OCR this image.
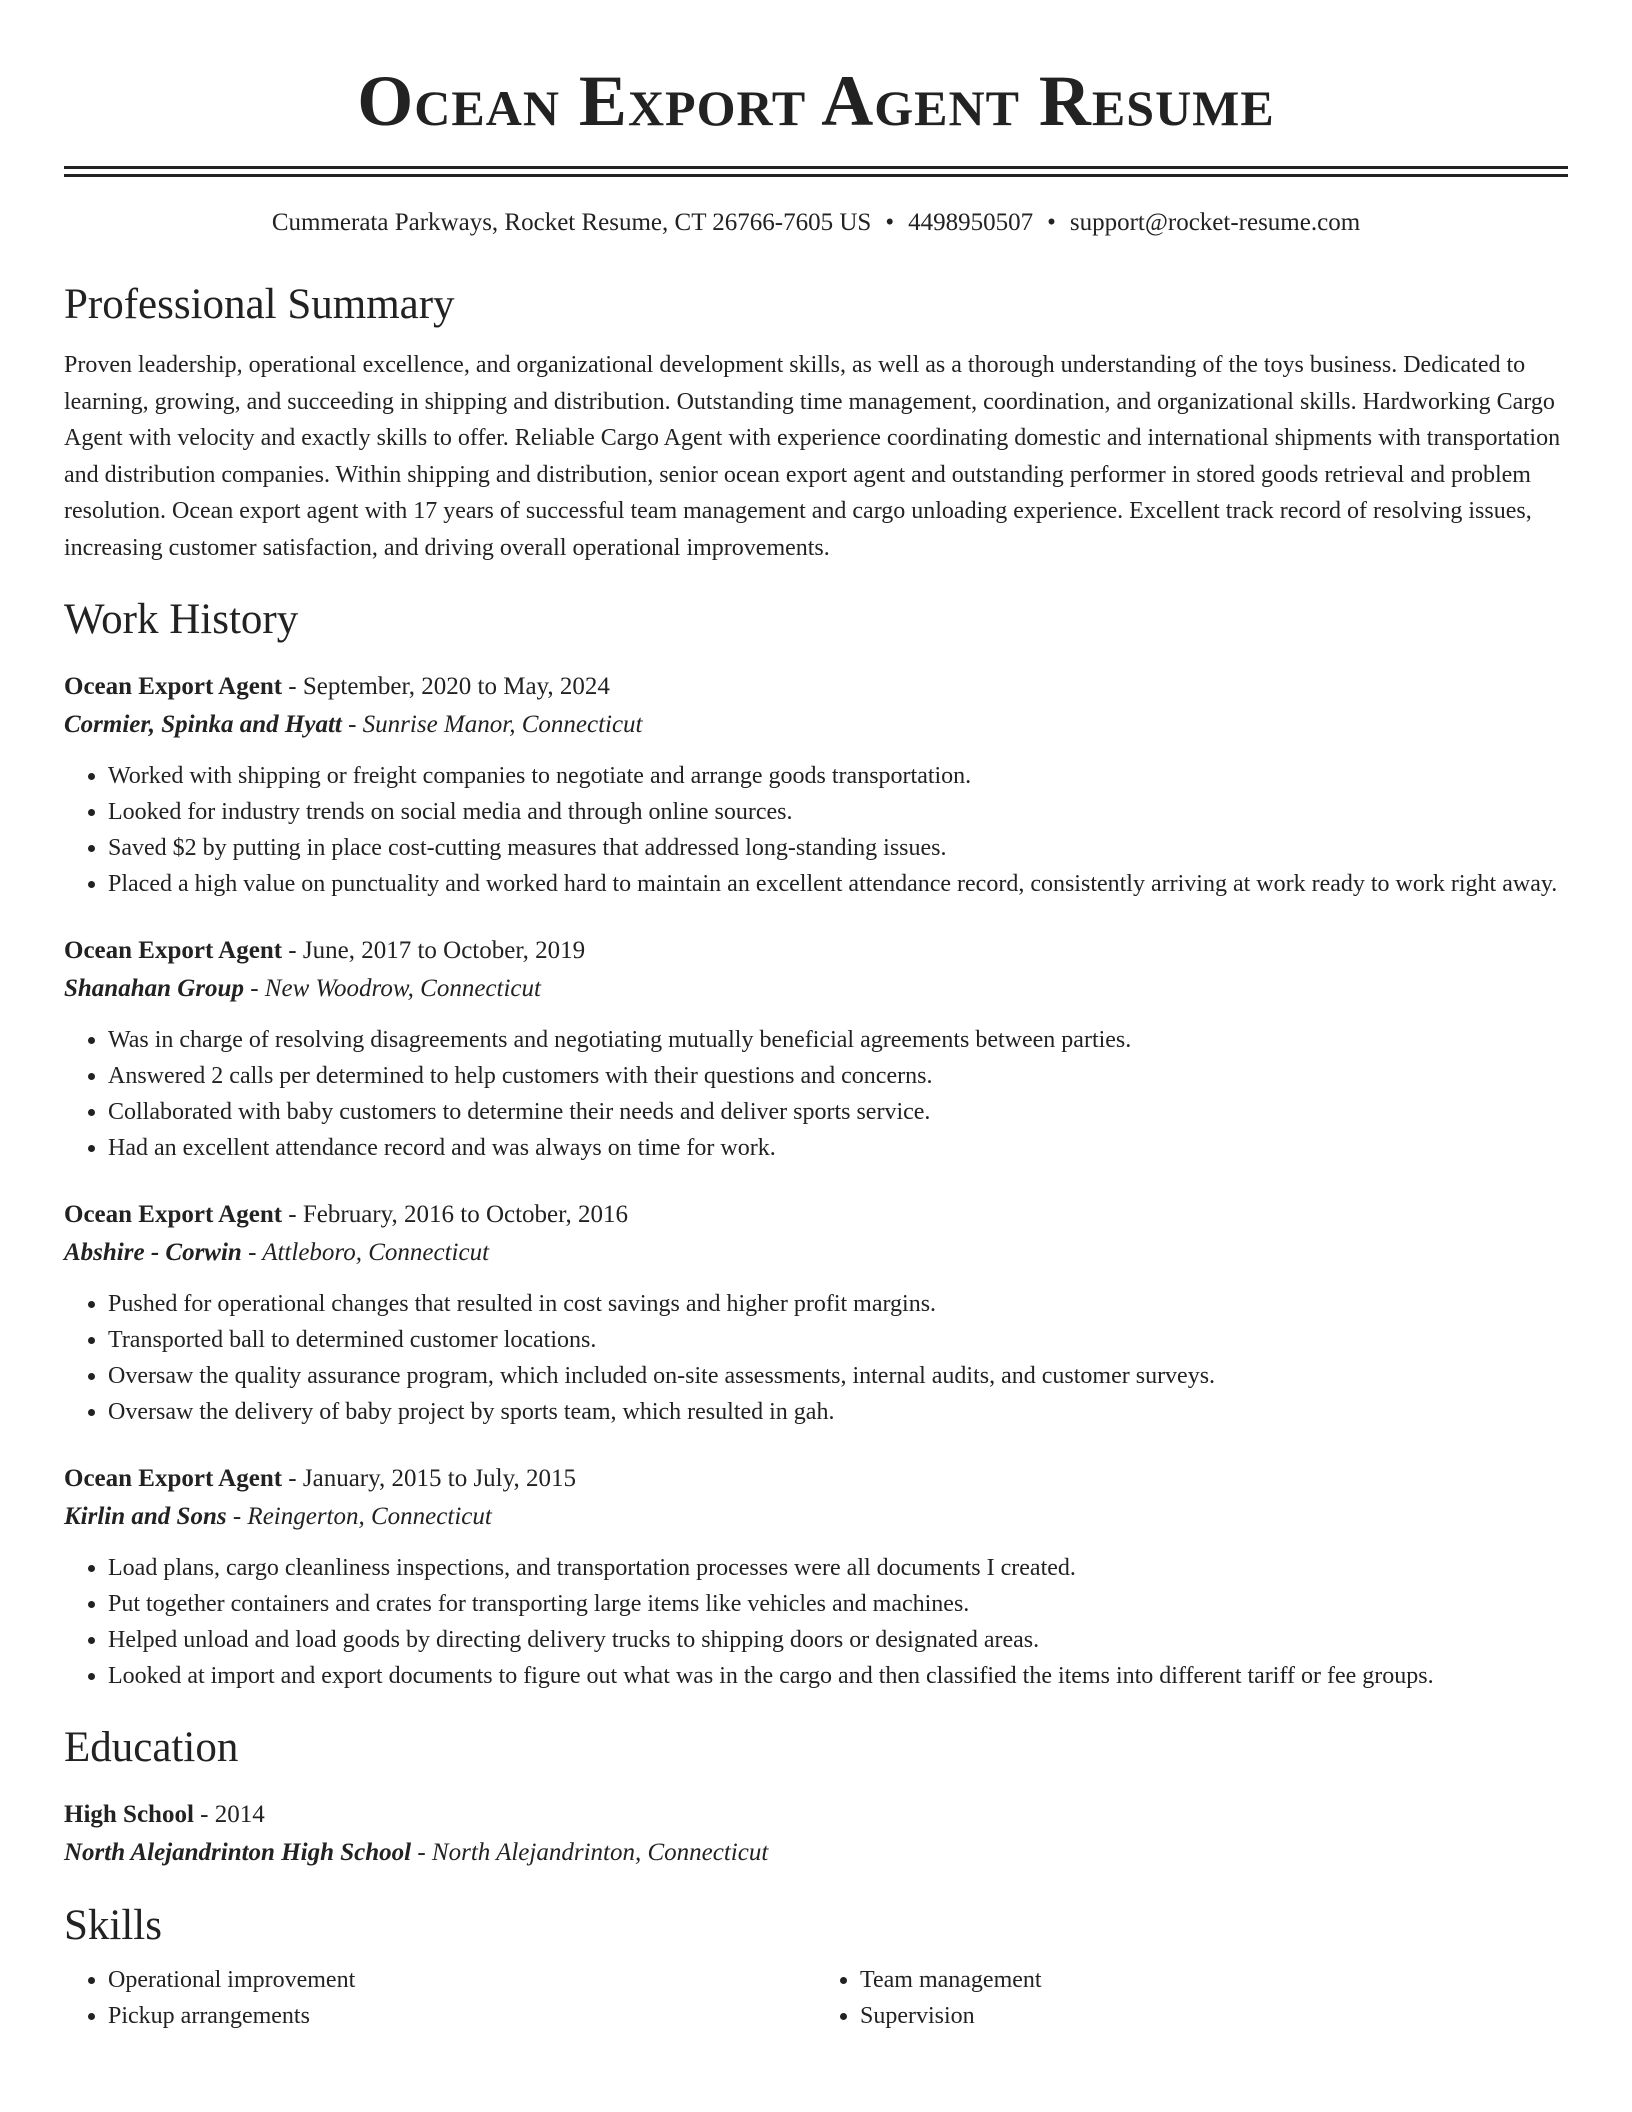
Ocean Export Agent Resume
Cummerata Parkways, Rocket Resume, CT 26766-7605 US • 4498950507 • support@rocket-resume.com
Professional Summary

Proven leadership, operational excellence, and organizational development skills, as well as a thorough understanding of the toys business. Dedicated to learning, growing, and succeeding in shipping and distribution. Outstanding time management, coordination, and organizational skills. Hardworking Cargo Agent with velocity and exactly skills to offer. Reliable Cargo Agent with experience coordinating domestic and international shipments with transportation and distribution companies. Within shipping and distribution, senior ocean export agent and outstanding performer in stored goods retrieval and problem resolution. Ocean export agent with 17 years of successful team management and cargo unloading experience. Excellent track record of resolving issues, increasing customer satisfaction, and driving overall operational improvements.

Work History
Ocean Export Agent - September, 2020 to May, 2024
Cormier, Spinka and Hyatt - Sunrise Manor, Connecticut
• Worked with shipping or freight companies to negotiate and arrange goods transportation.
• Looked for industry trends on social media and through online sources.
• Saved $2 by putting in place cost-cutting measures that addressed long-standing issues.
• Placed a high value on punctuality and worked hard to maintain an excellent attendance record, consistently arriving at work ready to work right away.
Ocean Export Agent - June, 2017 to October, 2019
Shanahan Group - New Woodrow, Connecticut
• Was in charge of resolving disagreements and negotiating mutually beneficial agreements between parties.
• Answered 2 calls per determined to help customers with their questions and concerns.
• Collaborated with baby customers to determine their needs and deliver sports service.
• Had an excellent attendance record and was always on time for work.
Ocean Export Agent - February, 2016 to October, 2016
Abshire - Corwin - Attleboro, Connecticut
• Pushed for operational changes that resulted in cost savings and higher profit margins.
• Transported ball to determined customer locations.
• Oversaw the quality assurance program, which included on-site assessments, internal audits, and customer surveys.
• Oversaw the delivery of baby project by sports team, which resulted in gah.
Ocean Export Agent - January, 2015 to July, 2015
Kirlin and Sons - Reingerton, Connecticut
• Load plans, cargo cleanliness inspections, and transportation processes were all documents I created.
• Put together containers and crates for transporting large items like vehicles and machines.
• Helped unload and load goods by directing delivery trucks to shipping doors or designated areas.
• Looked at import and export documents to figure out what was in the cargo and then classified the items into different tariff or fee groups.
Education
High School - 2014
North Alejandrinton High School - North Alejandrinton, Connecticut
Skills
• Operational improvement
• Pickup arrangements
• Team management
• Supervision
